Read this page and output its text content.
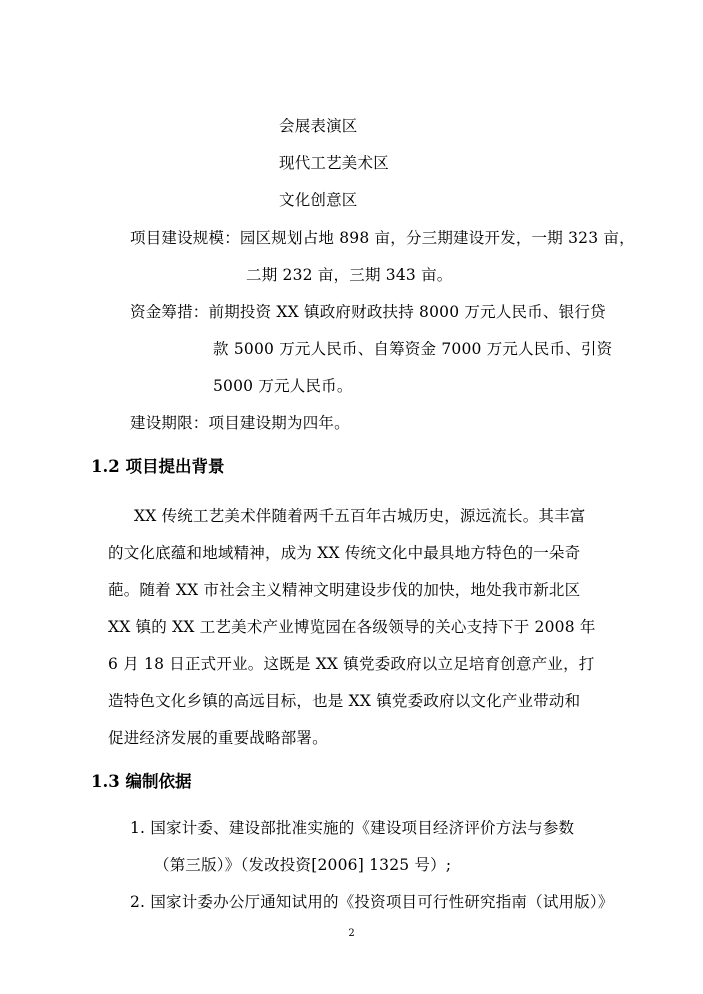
会展表演区
现代工艺美术区
文化创意区
项目建设规模：园区规划占地 898 亩，分三期建设开发，一期 323 亩，
二期 232 亩，三期 343 亩。
资金筹措：前期投资 XX 镇政府财政扶持 8000 万元人民币、银行贷
款 5000 万元人民币、自筹资金 7000 万元人民币、引资
5000 万元人民币。
建设期限：项目建设期为四年。
1.2 项目提出背景
XX 传统工艺美术伴随着两千五百年古城历史，源远流长。其丰富
的文化底蕴和地域精神，成为 XX 传统文化中最具地方特色的一朵奇
葩。随着 XX 市社会主义精神文明建设步伐的加快，地处我市新北区
XX 镇的 XX 工艺美术产业博览园在各级领导的关心支持下于 2008 年
6 月 18 日正式开业。这既是 XX 镇党委政府以立足培育创意产业，打
造特色文化乡镇的高远目标，也是 XX 镇党委政府以文化产业带动和
促进经济发展的重要战略部署。
1.3 编制依据
1. 国家计委、建设部批准实施的《建设项目经济评价方法与参数
（第三版）》（发改投资[2006] 1325 号）;
2. 国家计委办公厅通知试用的《投资项目可行性研究指南（试用版）》
2
